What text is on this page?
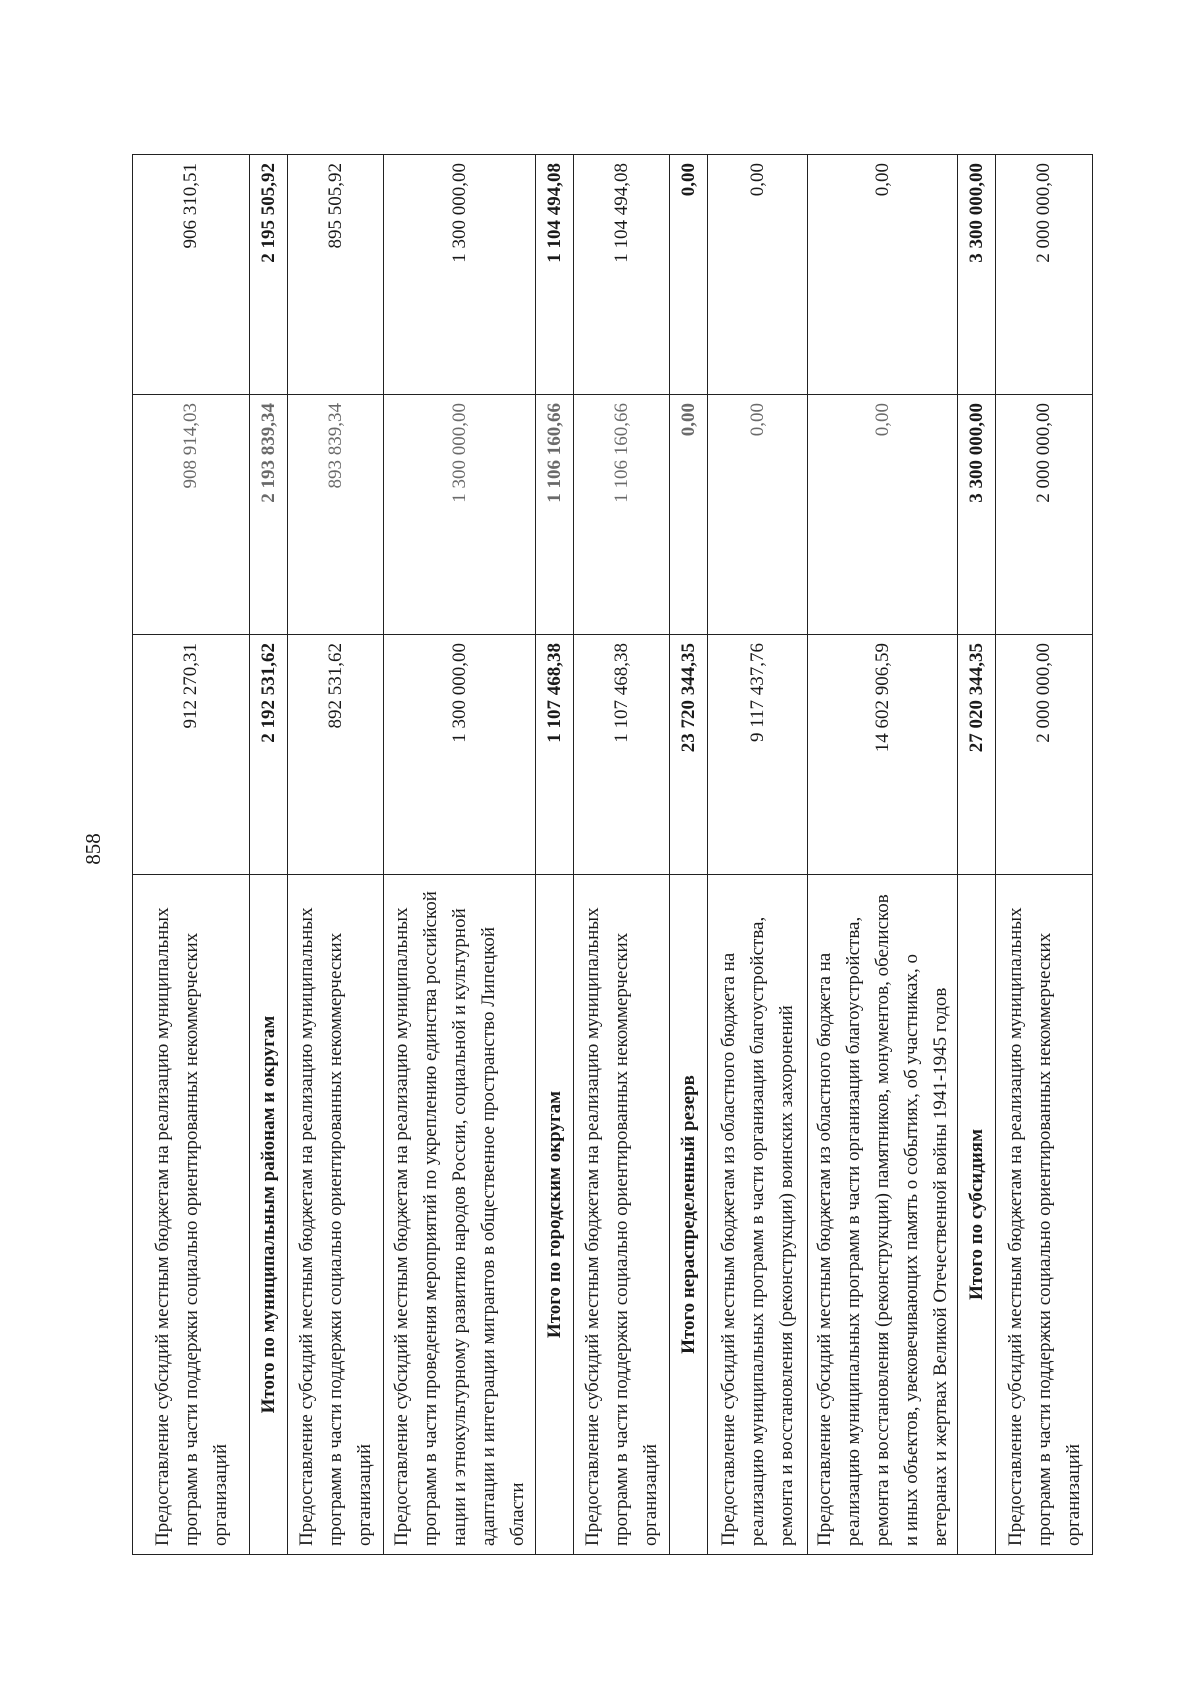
858
Предоставление субсидий местным бюджетам на реализацию муниципальных программ в части поддержки социально ориентированных некоммерческих организаций	912 270,31	908 914,03	906 310,51
Итого по муниципальным районам и округам	2 192 531,62	2 193 839,34	2 195 505,92
Предоставление субсидий местным бюджетам на реализацию муниципальных программ в части поддержки социально ориентированных некоммерческих организаций	892 531,62	893 839,34	895 505,92
Предоставление субсидий местным бюджетам на реализацию муниципальных программ в части проведения мероприятий по укреплению единства российской нации и этнокультурному развитию народов России, социальной и культурной адаптации и интеграции мигрантов в общественное пространство Липецкой области	1 300 000,00	1 300 000,00	1 300 000,00
Итого по городским округам	1 107 468,38	1 106 160,66	1 104 494,08
Предоставление субсидий местным бюджетам на реализацию муниципальных программ в части поддержки социально ориентированных некоммерческих организаций	1 107 468,38	1 106 160,66	1 104 494,08
Итого нераспределенный резерв	23 720 344,35	0,00	0,00
Предоставление субсидий местным бюджетам из областного бюджета на реализацию муниципальных программ в части организации благоустройства, ремонта и восстановления (реконструкции) воинских захоронений	9 117 437,76	0,00	0,00
Предоставление субсидий местным бюджетам из областного бюджета на реализацию муниципальных программ в части организации благоустройства, ремонта и восстановления (реконструкции) памятников, монументов, обелисков и иных объектов, увековечивающих память о событиях, об участниках, о ветеранах и жертвах Великой Отечественной войны 1941-1945 годов	14 602 906,59	0,00	0,00
Итого по субсидиям	27 020 344,35	3 300 000,00	3 300 000,00
Предоставление субсидий местным бюджетам на реализацию муниципальных программ в части поддержки социально ориентированных некоммерческих организаций	2 000 000,00	2 000 000,00	2 000 000,00
